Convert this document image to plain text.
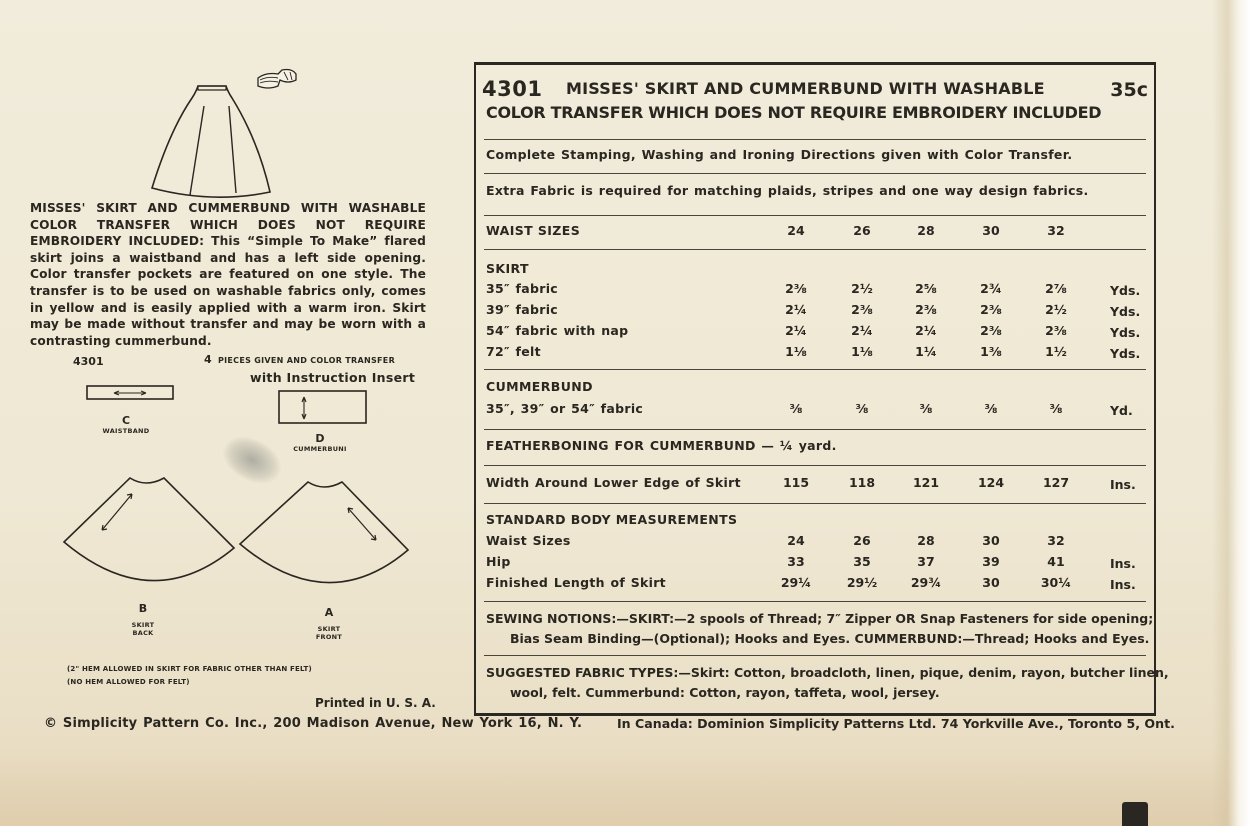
MISSES' SKIRT AND CUMMERBUND WITH WASHABLE COLOR TRANSFER WHICH DOES NOT REQUIRE EMBROIDERY INCLUDED: This “Simple To Make” flared skirt joins a waistband and has a left side opening. Color transfer pockets are featured on one style. The transfer is to be used on washable fabrics only, comes in yellow and is easily applied with a warm iron. Skirt may be made without transfer and may be worn with a contrasting cummerbund.
4301	4 PIECES GIVEN AND COLOR TRANSFER
with Instruction Insert
C
WAISTBAND
D
CUMMERBUNI
B
SKIRT
BACK
A
SKIRT
FRONT
(2" HEM ALLOWED IN SKIRT FOR FABRIC OTHER THAN FELT)
(NO HEM ALLOWED FOR FELT)
Printed in U. S. A.
© Simplicity Pattern Co. Inc., 200 Madison Avenue, New York 16, N. Y.	In Canada: Dominion Simplicity Patterns Ltd. 74 Yorkville Ave., Toronto 5, Ont.
4301 MISSES' SKIRT AND CUMMERBUND WITH WASHABLE	35c
COLOR TRANSFER WHICH DOES NOT REQUIRE EMBROIDERY INCLUDED
Complete Stamping, Washing and Ironing Directions given with Color Transfer.
Extra Fabric is required for matching plaids, stripes and one way design fabrics.
WAIST SIZES	24	26	28	30	32
SKIRT
35″ fabric	2⅜	2½	2⅝	2¾	2⅞	Yds.
39″ fabric	2¼	2⅜	2⅜	2⅜	2½	Yds.
54″ fabric with nap	2¼	2¼	2¼	2⅜	2⅜	Yds.
72″ felt	1⅛	1⅛	1¼	1⅜	1½	Yds.
CUMMERBUND
35″, 39″ or 54″ fabric	⅜	⅜	⅜	⅜	⅜	Yd.
FEATHERBONING FOR CUMMERBUND — ¼ yard.
Width Around Lower Edge of Skirt	115	118	121	124	127	Ins.
STANDARD BODY MEASUREMENTS
Waist Sizes	24	26	28	30	32
Hip	33	35	37	39	41	Ins.
Finished Length of Skirt	29¼	29½	29¾	30	30¼	Ins.
SEWING NOTIONS:—SKIRT:—2 spools of Thread; 7″ Zipper OR Snap Fasteners for side opening;
Bias Seam Binding—(Optional); Hooks and Eyes. CUMMERBUND:—Thread; Hooks and Eyes.
SUGGESTED FABRIC TYPES:—Skirt: Cotton, broadcloth, linen, pique, denim, rayon, butcher linen,
wool, felt. Cummerbund: Cotton, rayon, taffeta, wool, jersey.
